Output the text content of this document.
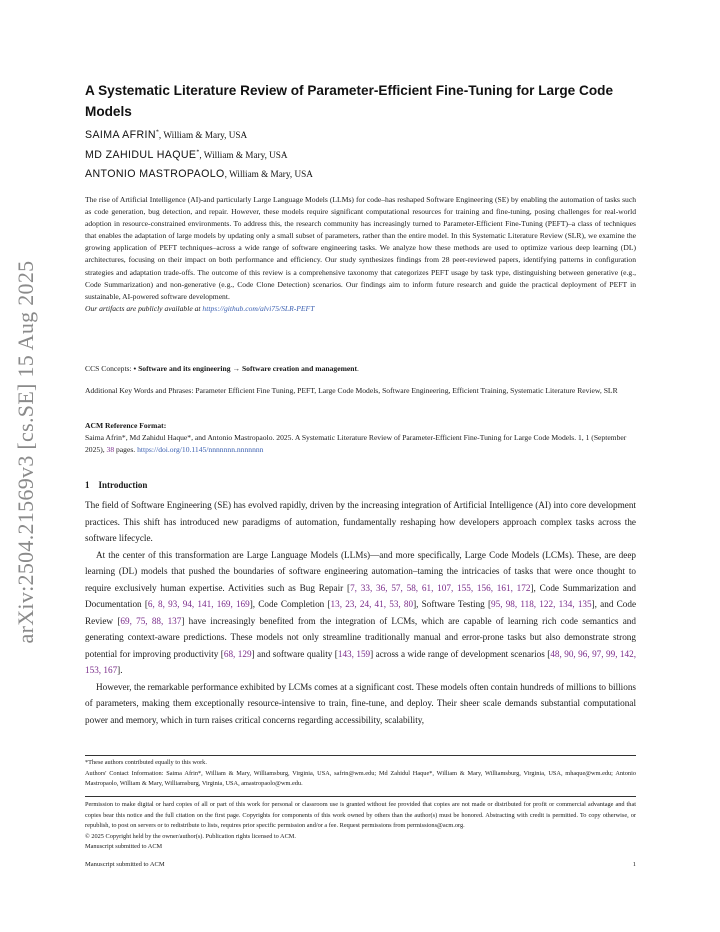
arXiv:2504.21569v3 [cs.SE] 15 Aug 2025
A Systematic Literature Review of Parameter-Efficient Fine-Tuning for Large Code Models
SAIMA AFRIN*, William & Mary, USA
MD ZAHIDUL HAQUE*, William & Mary, USA
ANTONIO MASTROPAOLO, William & Mary, USA

The rise of Artificial Intelligence (AI)-and particularly Large Language Models (LLMs) for code–has reshaped Software Engineering (SE) by enabling the automation of tasks such as code generation, bug detection, and repair. However, these models require significant computational resources for training and fine-tuning, posing challenges for real-world adoption in resource-constrained environments. To address this, the research community has increasingly turned to Parameter-Efficient Fine-Tuning (PEFT)–a class of techniques that enables the adaptation of large models by updating only a small subset of parameters, rather than the entire model. In this Systematic Literature Review (SLR), we examine the growing application of PEFT techniques–across a wide range of software engineering tasks. We analyze how these methods are used to optimize various deep learning (DL) architectures, focusing on their impact on both performance and efficiency. Our study synthesizes findings from 28 peer-reviewed papers, identifying patterns in configuration strategies and adaptation trade-offs. The outcome of this review is a comprehensive taxonomy that categorizes PEFT usage by task type, distinguishing between generative (e.g., Code Summarization) and non-generative (e.g., Code Clone Detection) scenarios. Our findings aim to inform future research and guide the practical deployment of PEFT in sustainable, AI-powered software development.

Our artifacts are publicly available at https://github.com/alvi75/SLR-PEFT

CCS Concepts: • Software and its engineering → Software creation and management.
Additional Key Words and Phrases: Parameter Efficient Fine Tuning, PEFT, Large Code Models, Software Engineering, Efficient Training, Systematic Literature Review, SLR
ACM Reference Format:
Saima Afrin*, Md Zahidul Haque*, and Antonio Mastropaolo. 2025. A Systematic Literature Review of Parameter-Efficient Fine-Tuning for Large Code Models. 1, 1 (September 2025), 38 pages. https://doi.org/10.1145/nnnnnnn.nnnnnnn
1    Introduction

The field of Software Engineering (SE) has evolved rapidly, driven by the increasing integration of Artificial Intelligence (AI) into core development practices. This shift has introduced new paradigms of automation, fundamentally reshaping how developers approach complex tasks across the software lifecycle.

At the center of this transformation are Large Language Models (LLMs)—and more specifically, Large Code Models (LCMs). These, are deep learning (DL) models that pushed the boundaries of software engineering automation–taming the intricacies of tasks that were once thought to require exclusively human expertise. Activities such as Bug Repair [7, 33, 36, 57, 58, 61, 107, 155, 156, 161, 172], Code Summarization and Documentation [6, 8, 93, 94, 141, 169, 169], Code Completion [13, 23, 24, 41, 53, 80], Software Testing [95, 98, 118, 122, 134, 135], and Code Review [69, 75, 88, 137] have increasingly benefited from the integration of LCMs, which are capable of learning rich code semantics and generating context-aware predictions. These models not only streamline traditionally manual and error-prone tasks but also demonstrate strong potential for improving productivity [68, 129] and software quality [143, 159] across a wide range of development scenarios [48, 90, 96, 97, 99, 142, 153, 167].

However, the remarkable performance exhibited by LCMs comes at a significant cost. These models often contain hundreds of millions to billions of parameters, making them exceptionally resource-intensive to train, fine-tune, and deploy. Their sheer scale demands substantial computational power and memory, which in turn raises critical concerns regarding accessibility, scalability,

*These authors contributed equally to this work.

Authors' Contact Information: Saima Afrin*, William & Mary, Williamsburg, Virginia, USA, safrin@wm.edu; Md Zahidul Haque*, William & Mary, Williamsburg, Virginia, USA, mhaque@wm.edu; Antonio Mastropaolo, William & Mary, Williamsburg, Virginia, USA, amastropaolo@wm.edu.

Permission to make digital or hard copies of all or part of this work for personal or classroom use is granted without fee provided that copies are not made or distributed for profit or commercial advantage and that copies bear this notice and the full citation on the first page. Copyrights for components of this work owned by others than the author(s) must be honored. Abstracting with credit is permitted. To copy otherwise, or republish, to post on servers or to redistribute to lists, requires prior specific permission and/or a fee. Request permissions from permissions@acm.org.

© 2025 Copyright held by the owner/author(s). Publication rights licensed to ACM.

Manuscript submitted to ACM

Manuscript submitted to ACM	1
